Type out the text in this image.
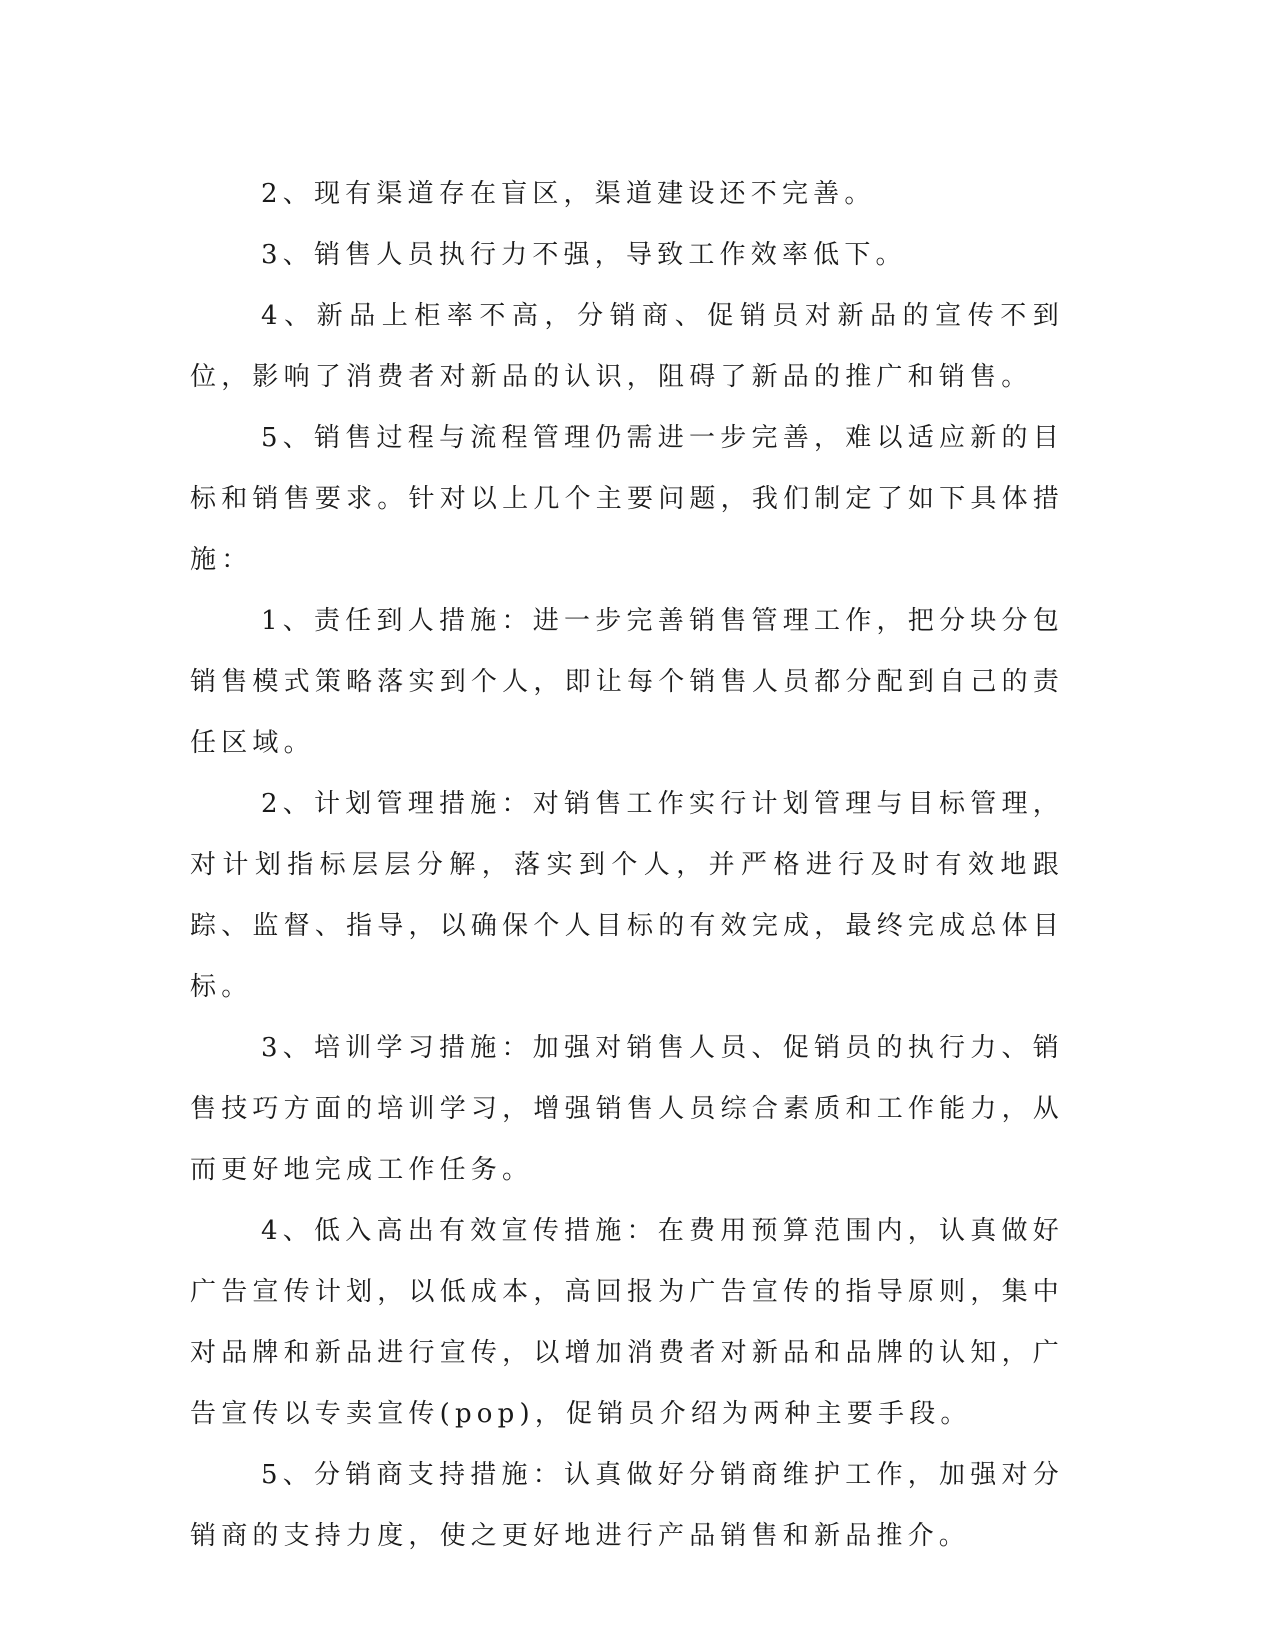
2、现有渠道存在盲区，渠道建设还不完善。

3、销售人员执行力不强，导致工作效率低下。

4、新品上柜率不高，分销商、促销员对新品的宣传不到位，影响了消费者对新品的认识，阻碍了新品的推广和销售。

5、销售过程与流程管理仍需进一步完善，难以适应新的目标和销售要求。针对以上几个主要问题，我们制定了如下具体措施：

1、责任到人措施：进一步完善销售管理工作，把分块分包销售模式策略落实到个人，即让每个销售人员都分配到自己的责任区域。

2、计划管理措施：对销售工作实行计划管理与目标管理，对计划指标层层分解，落实到个人，并严格进行及时有效地跟踪、监督、指导，以确保个人目标的有效完成，最终完成总体目标。

3、培训学习措施：加强对销售人员、促销员的执行力、销售技巧方面的培训学习，增强销售人员综合素质和工作能力，从而更好地完成工作任务。

4、低入高出有效宣传措施：在费用预算范围内，认真做好广告宣传计划，以低成本，高回报为广告宣传的指导原则，集中对品牌和新品进行宣传，以增加消费者对新品和品牌的认知，广告宣传以专卖宣传(pop)，促销员介绍为两种主要手段。

5、分销商支持措施：认真做好分销商维护工作，加强对分销商的支持力度，使之更好地进行产品销售和新品推介。
